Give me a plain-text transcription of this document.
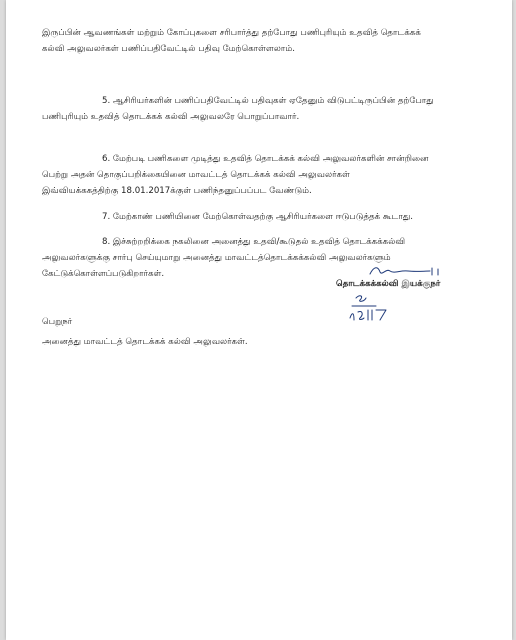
இருப்பின் ஆவணங்கள் மற்றும் கோப்புகளை சரிபார்த்து தற்போது பணிபுரியும் உதவித் தொடக்கக்
கல்வி அலுவலர்கள் பணிப்பதிவேட்டில் பதிவு மேற்கொள்ளலாம்.
5. ஆசிரியர்களின் பணிப்பதிவேட்டில் பதிவுகள் ஏதேனும் விடுபட்டிருப்பின் தற்போது
பணிபுரியும் உதவித் தொடக்கக் கல்வி அலுவலரே பொறுப்பாவார்.
6. மேற்படி பணிகளை முடித்து உதவித் தொடக்கக் கல்வி அலுவலர்களின் சான்றினை
பெற்று அதன் தொகுப்பறிக்கையினை மாவட்டத் தொடக்கக் கல்வி அலுவலர்கள்
இவ்வியக்ககத்திற்கு 18.01.2017க்குள் பணிந்தனுப்பப்பட வேண்டும்.
7. மேற்காண் பணியினை மேற்கொள்வதற்கு ஆசிரியர்களை ஈடுபடுத்தக் கூடாது.
8. இச்சுற்றறிக்கை நகலினை அனைத்து உதவி/கூடுதல் உதவித் தொடக்கக்கல்வி
அலுவலர்களுக்கு சார்பு செய்யுமாறு அனைத்து மாவட்டத்தொடக்கக்கல்வி அலுவலர்களும்
கேட்டுக்கொள்ளப்படுகிறார்கள்.
தொடக்கக்கல்வி இயக்குநர்
பெறுநர்
அனைத்து மாவட்டத் தொடக்கக் கல்வி அலுவலர்கள்.
